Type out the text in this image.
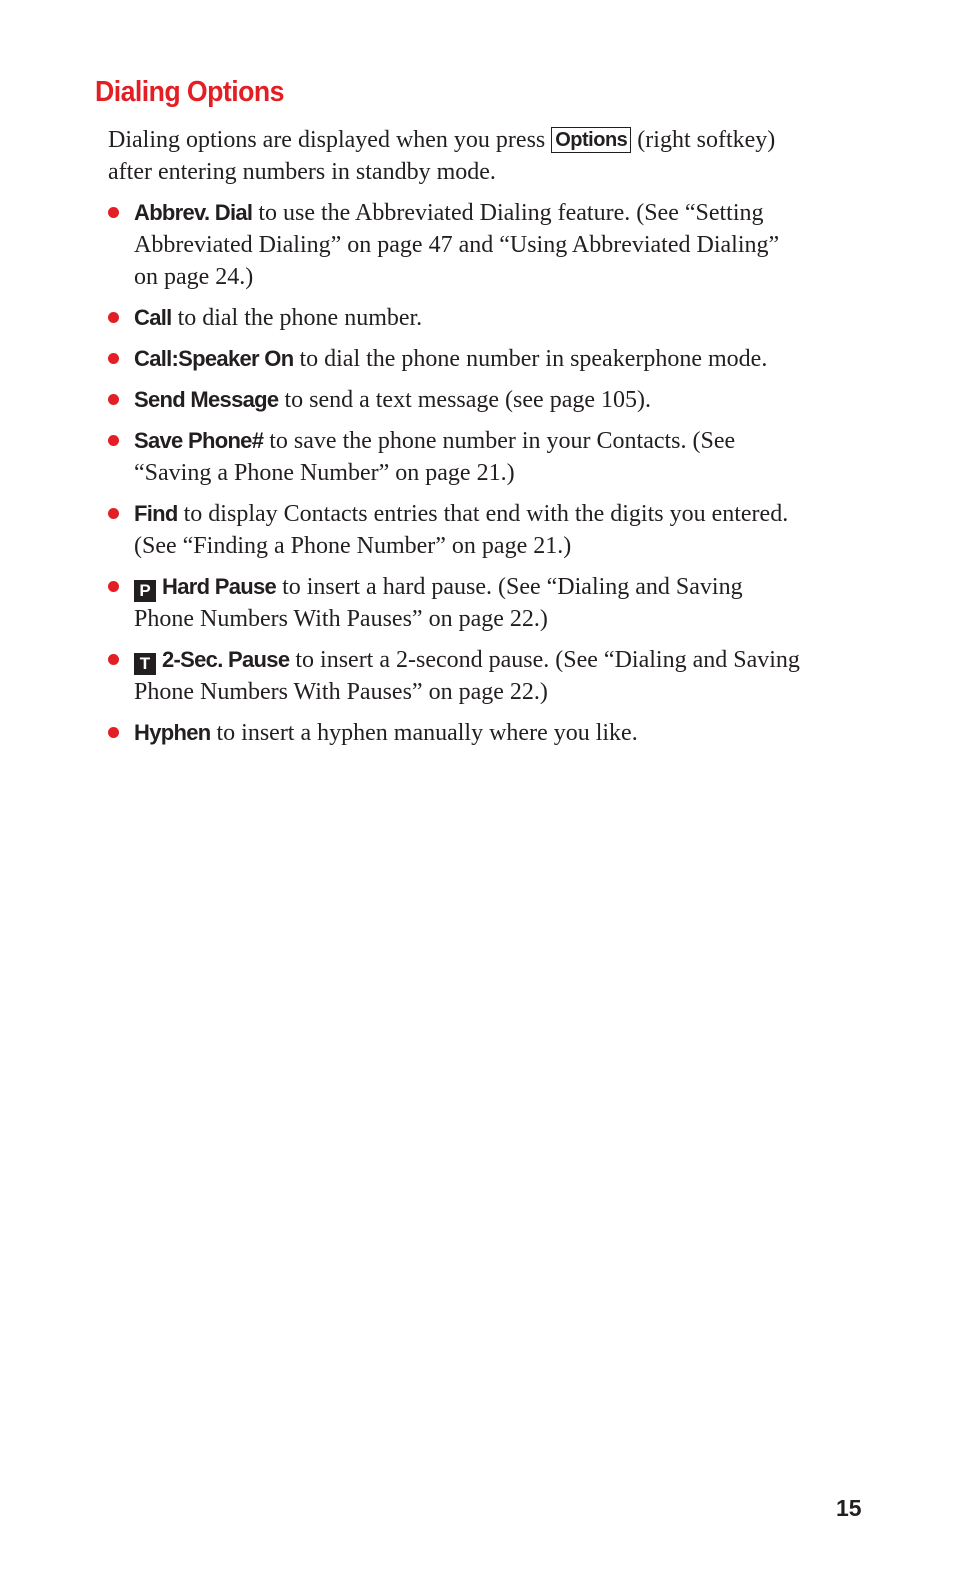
Dialing Options

Dialing options are displayed when you press Options (right softkey) after entering numbers in standby mode.

Abbrev. Dial to use the Abbreviated Dialing feature. (See “Setting Abbreviated Dialing” on page 47 and “Using Abbreviated Dialing” on page 24.)
Call to dial the phone number.
Call:Speaker On to dial the phone number in speakerphone mode.
Send Message to send a text message (see page 105).
Save Phone# to save the phone number in your Contacts. (See “Saving a Phone Number” on page 21.)
Find to display Contacts entries that end with the digits you entered. (See “Finding a Phone Number” on page 21.)
P Hard Pause to insert a hard pause. (See “Dialing and Saving Phone Numbers With Pauses” on page 22.)
T 2-Sec. Pause to insert a 2-second pause. (See “Dialing and Saving Phone Numbers With Pauses” on page 22.)
Hyphen to insert a hyphen manually where you like.
15
